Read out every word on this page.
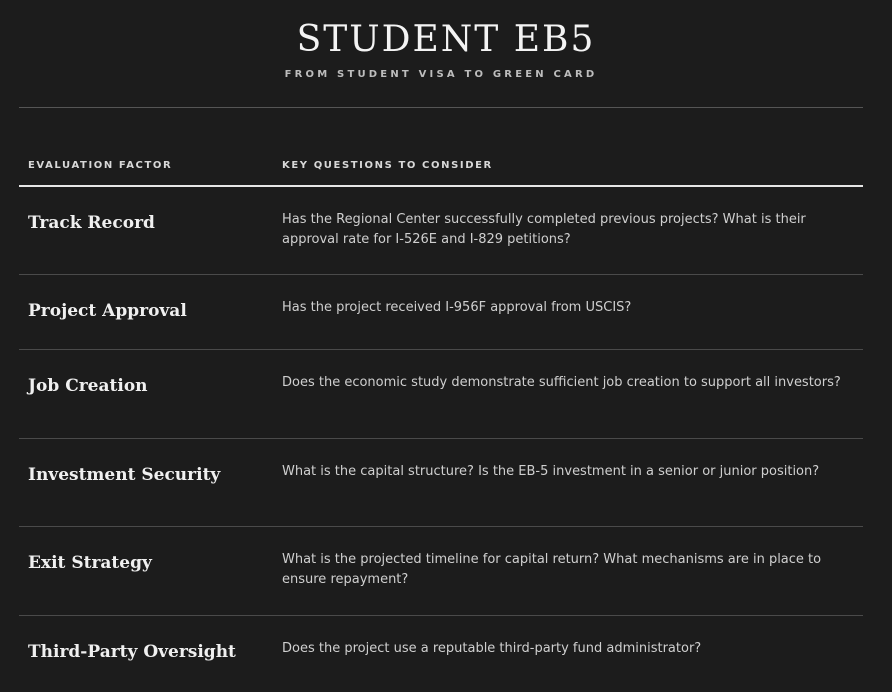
STUDENT EB5
FROM STUDENT VISA TO GREEN CARD
EVALUATION FACTOR	KEY QUESTIONS TO CONSIDER
Track Record	Has the Regional Center successfully completed previous projects? What is their approval rate for I-526E and I-829 petitions?
Project Approval	Has the project received I-956F approval from USCIS?
Job Creation	Does the economic study demonstrate sufficient job creation to support all investors?
Investment Security	What is the capital structure? Is the EB-5 investment in a senior or junior position?
Exit Strategy	What is the projected timeline for capital return? What mechanisms are in place to ensure repayment?
Third-Party Oversight	Does the project use a reputable third-party fund administrator?
